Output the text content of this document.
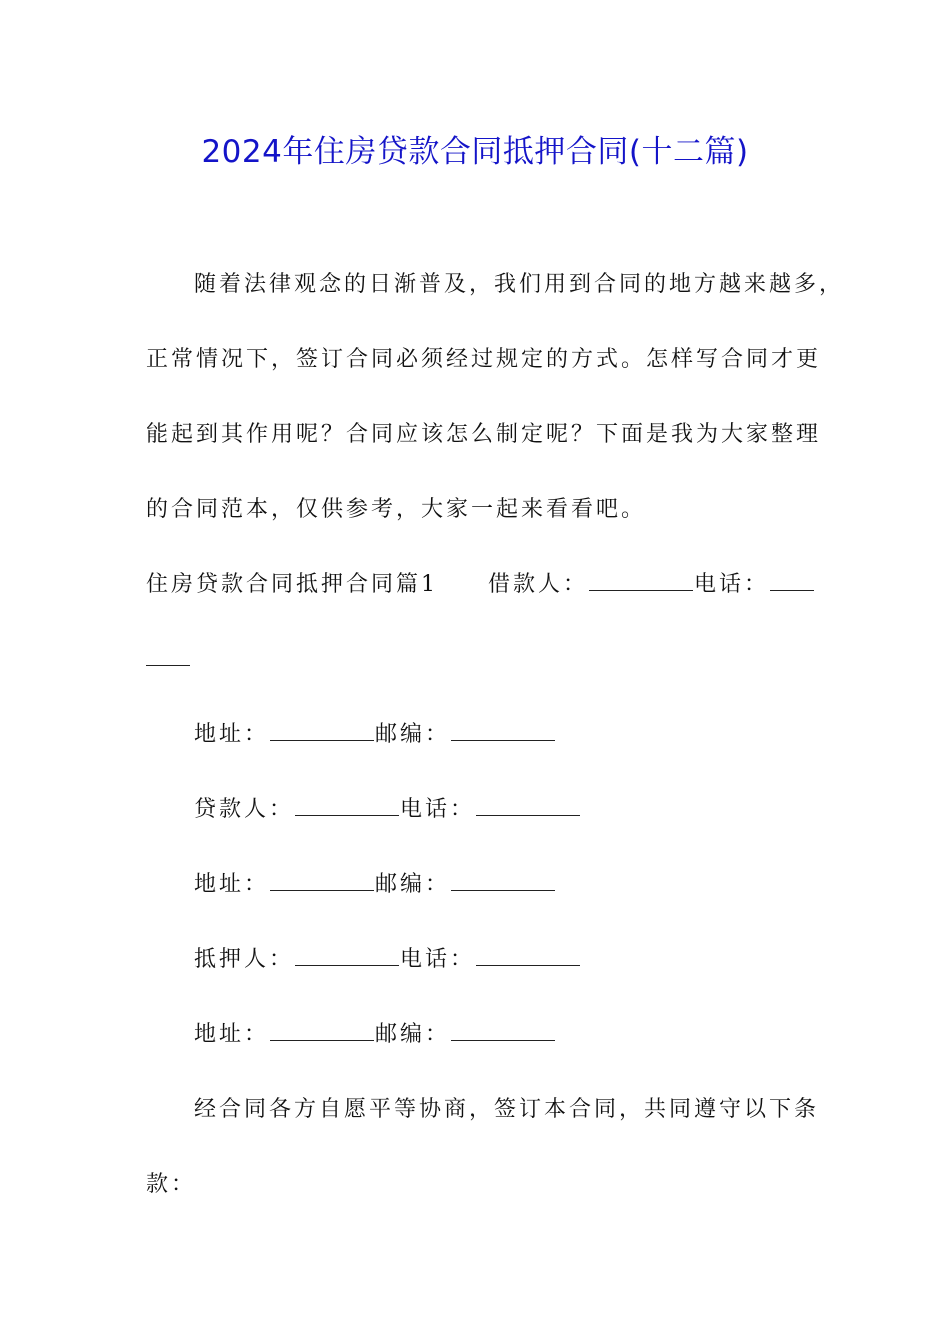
2024年住房贷款合同抵押合同(十二篇)
随着法律观念的日渐普及，我们用到合同的地方越来越多，
正常情况下，签订合同必须经过规定的方式。怎样写合同才更
能起到其作用呢？合同应该怎么制定呢？下面是我为大家整理
的合同范本，仅供参考，大家一起来看看吧。
住房贷款合同抵押合同篇1 借款人：	电话：
地址：	邮编：
贷款人：	电话：
地址：	邮编：
抵押人：	电话：
地址：	邮编：
经合同各方自愿平等协商，签订本合同，共同遵守以下条
款：
